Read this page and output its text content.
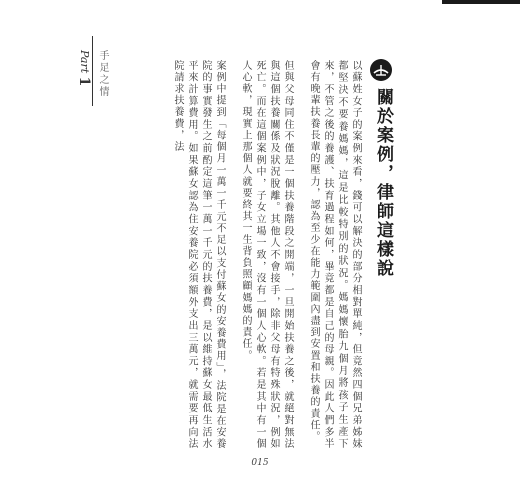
Part 1 手足之情
關於案例，律師這樣說

以蘇姓女子的案例來看，錢可以解決的部分相對單純，但竟然四個兄弟姊妹都堅決不要養媽媽，這是比較特別的狀況。媽媽懷胎九個月將孩子生產下來，不管之後的養護、扶育過程如何，畢竟都是自己的母親。因此人們多半會有晚輩扶養長輩的壓力，認為至少在能力範圍內盡到安置和扶養的責任。

但與父母同住不僅是一個扶養階段之開端，一旦開始扶養之後，就絕對無法與這個扶養關係及狀況脫離。其他人不會接手，除非父母有特殊狀況，例如死亡。而在這個案例中，子女立場一致，沒有一個人心軟。若是其中有一個人心軟，現實上那個人就要終其一生背負照顧媽媽的責任。

案例中提到「每個月一萬一千元不足以支付蘇女的安養費用」，法院是在安養院的事實發生之前酌定這筆一萬一千元的扶養費，是以維持蘇女最低生活水平來計算費用。如果蘇女認為住安養院必須額外支出三萬元，就需要再向法院請求扶養費，法

015
